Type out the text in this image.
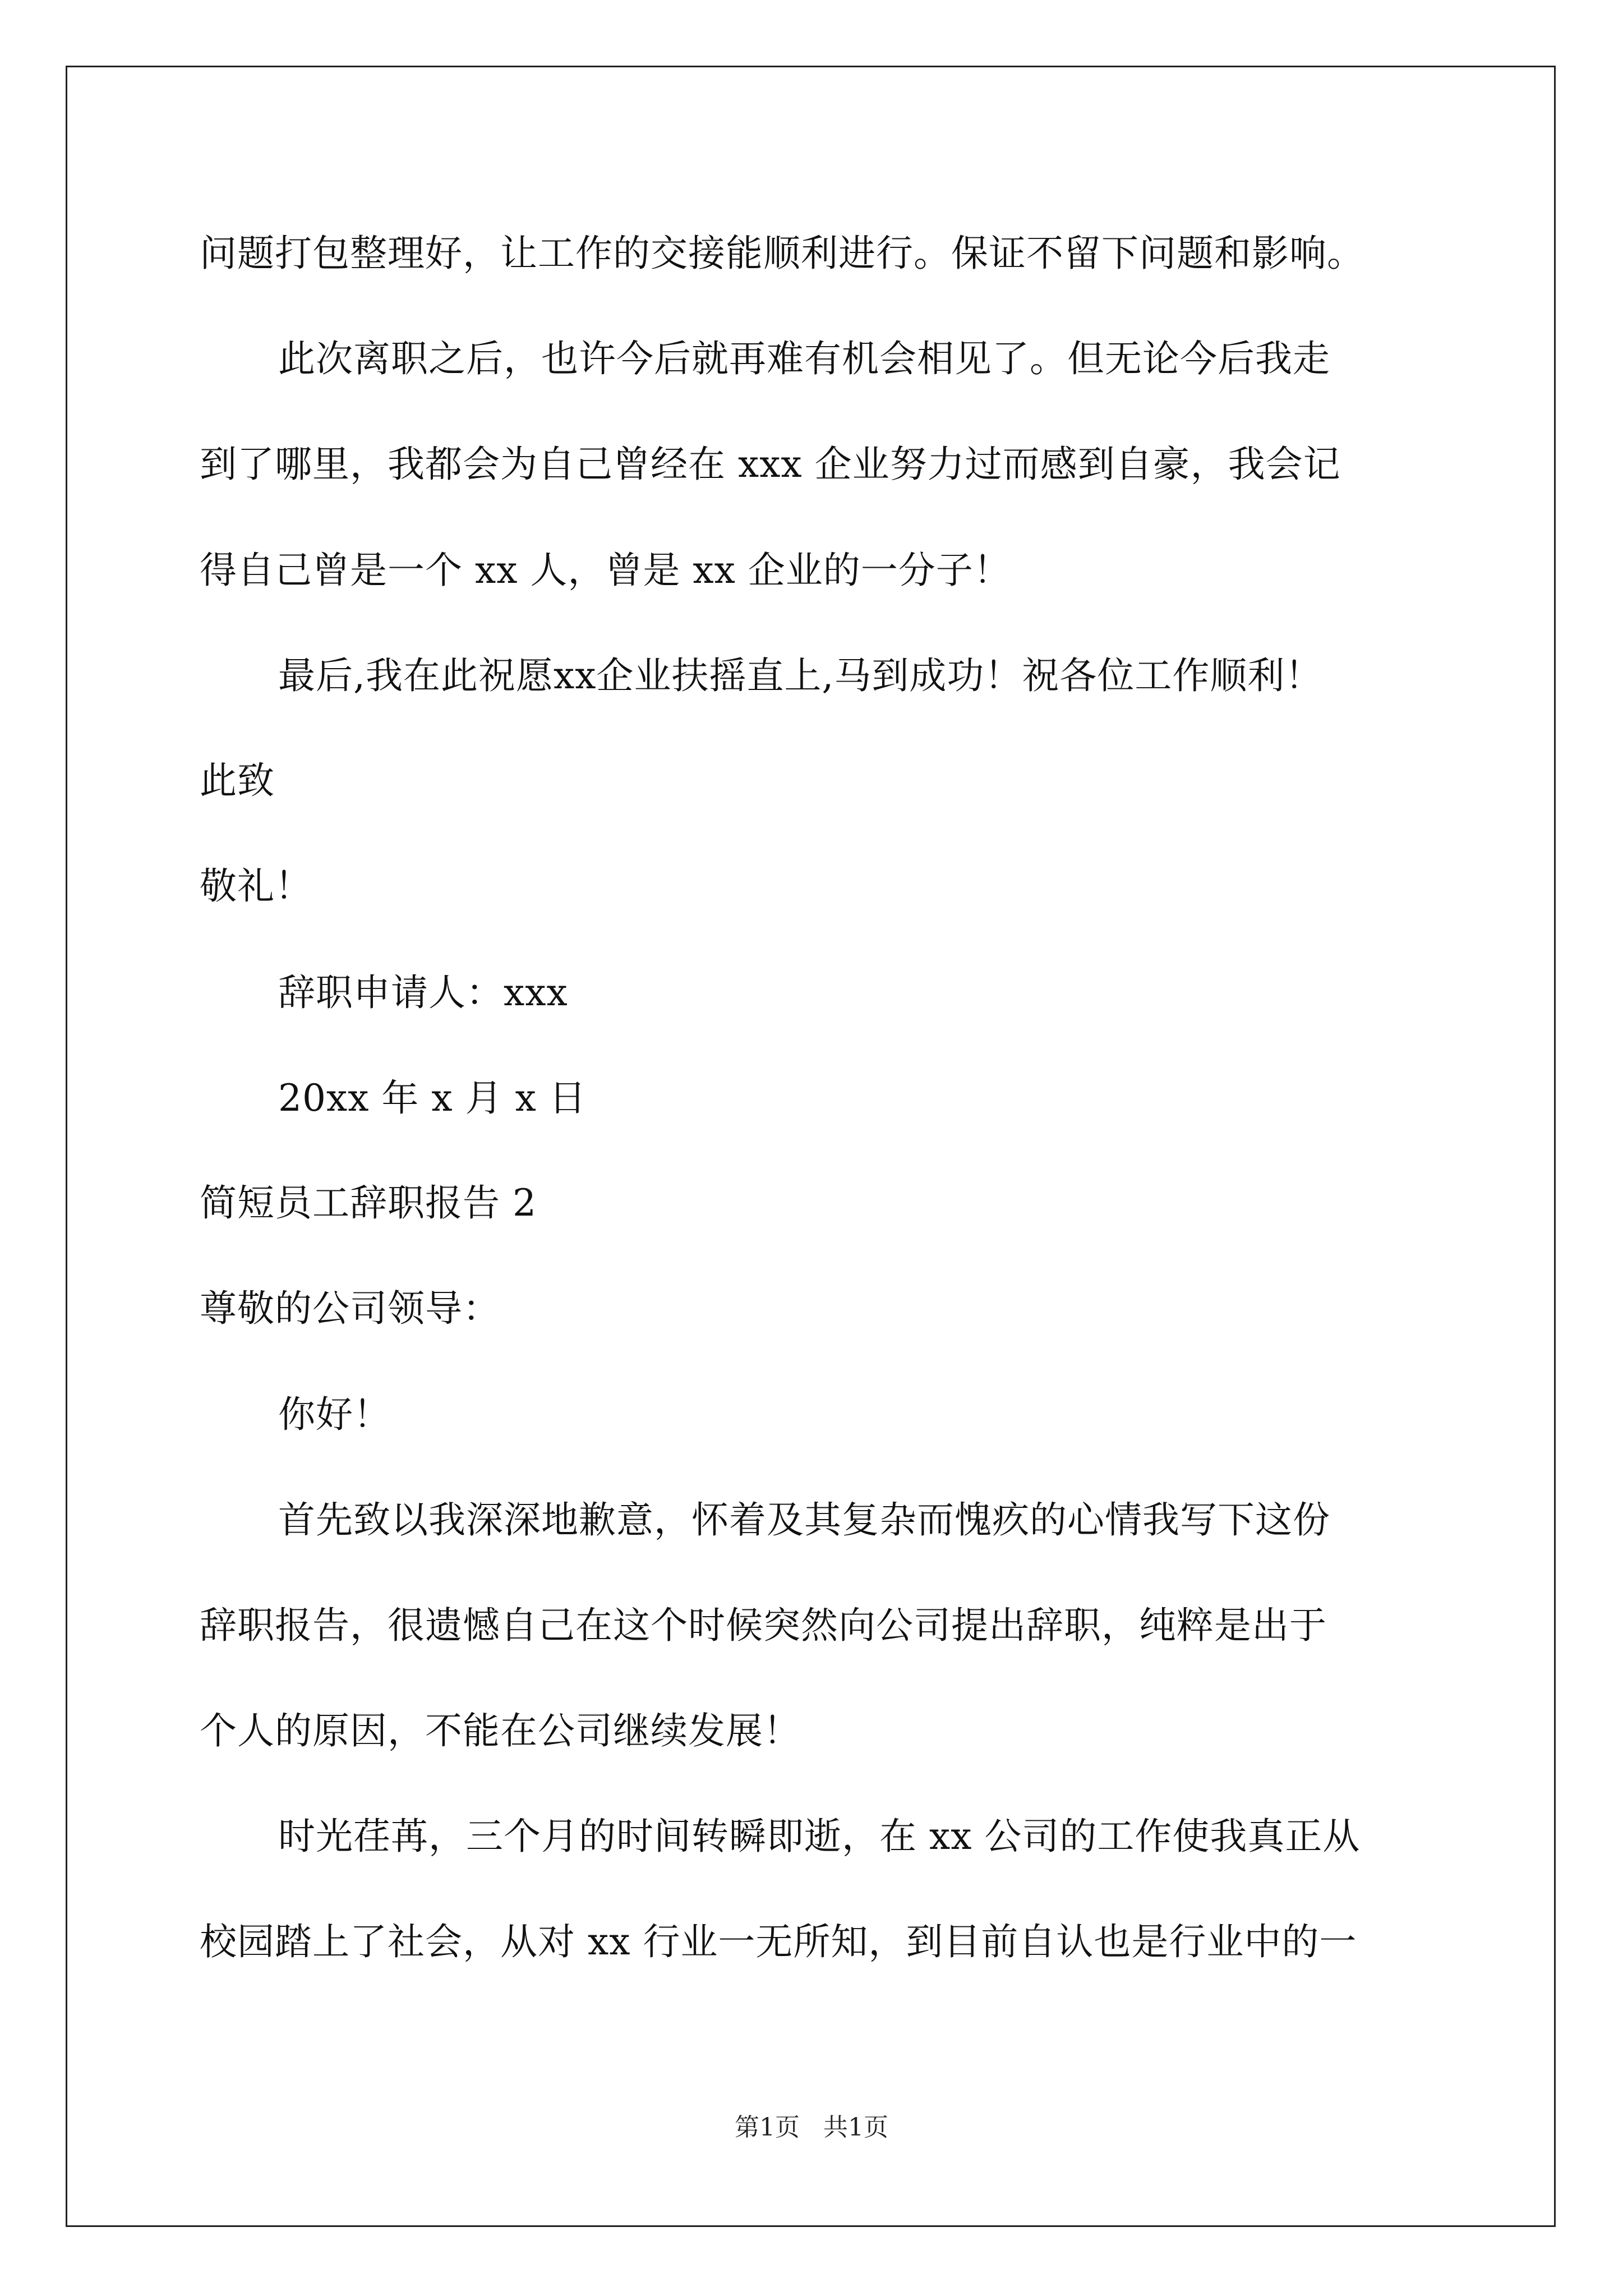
问题打包整理好，让工作的交接能顺利进行。保证不留下问题和影响。
此次离职之后，也许今后就再难有机会相见了。但无论今后我走
到了哪里，我都会为自己曾经在 xxx 企业努力过而感到自豪，我会记
得自己曾是一个 xx 人，曾是 xx 企业的一分子！
最后,我在此祝愿xx企业扶摇直上,马到成功！祝各位工作顺利！
此致
敬礼！
辞职申请人：xxx
20xx 年 x 月 x 日
简短员工辞职报告 2
尊敬的公司领导：
你好！
首先致以我深深地歉意，怀着及其复杂而愧疚的心情我写下这份
辞职报告，很遗憾自己在这个时候突然向公司提出辞职，纯粹是出于
个人的原因，不能在公司继续发展！
时光荏苒，三个月的时间转瞬即逝，在 xx 公司的工作使我真正从
校园踏上了社会，从对 xx 行业一无所知，到目前自认也是行业中的一
第1页   共1页
